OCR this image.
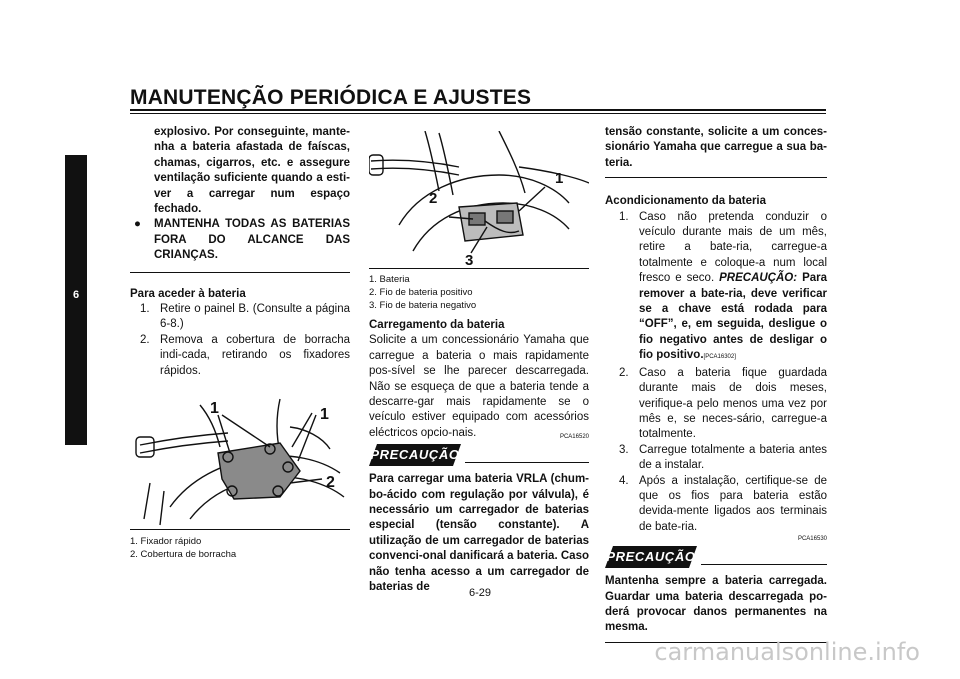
MANUTENÇÃO PERIÓDICA E AJUSTES
6
explosivo. Por conseguinte, mante-nha a bateria afastada de faíscas, chamas, cigarros, etc. e assegure ventilação suficiente quando a esti-ver a carregar num espaço fechado.
●	MANTENHA TODAS AS BATERIAS FORA DO ALCANCE DAS CRIANÇAS.
Para aceder à bateria
1. Retire o painel B. (Consulte a página 6-8.)
2. Remova a cobertura de borracha indi-cada, retirando os fixadores rápidos.
1	1
2
1. Fixador rápido
2. Cobertura de borracha
2
1
3
1. Bateria
2. Fio de bateria positivo
3. Fio de bateria negativo
Carregamento da bateria
Solicite a um concessionário Yamaha que carregue a bateria o mais rapidamente pos-sível se lhe parecer descarregada. Não se esqueça de que a bateria tende a descarre-gar mais rapidamente se o veículo estiver equipado com acessórios eléctricos opcio-nais.	PCA16520
PRECAUÇÃO
Para carregar uma bateria VRLA (chum-bo-ácido com regulação por válvula), é necessário um carregador de baterias especial (tensão constante). A utilização de um carregador de baterias convenci-onal danificará a bateria. Caso não tenha acesso a um carregador de baterias de
tensão constante, solicite a um conces-sionário Yamaha que carregue a sua ba-teria.
Acondicionamento da bateria
1. Caso não pretenda conduzir o veículo durante mais de um mês, retire a bate-ria, carregue-a totalmente e coloque-a num local fresco e seco. PRECAUÇÃO: Para remover a bate-ria, deve verificar se a chave está rodada para “OFF”, e, em seguida, desligue o fio negativo antes de desligar o fio positivo.[PCA16302]
2. Caso a bateria fique guardada durante mais de dois meses, verifique-a pelo menos uma vez por mês e, se neces-sário, carregue-a totalmente.
3. Carregue totalmente a bateria antes de a instalar.
4. Após a instalação, certifique-se de que os fios para bateria estão devida-mente ligados aos terminais de bate-ria.
PCA16530
PRECAUÇÃO
Mantenha sempre a bateria carregada. Guardar uma bateria descarregada po-derá provocar danos permanentes na mesma.
6-29
carmanualsonline.info
